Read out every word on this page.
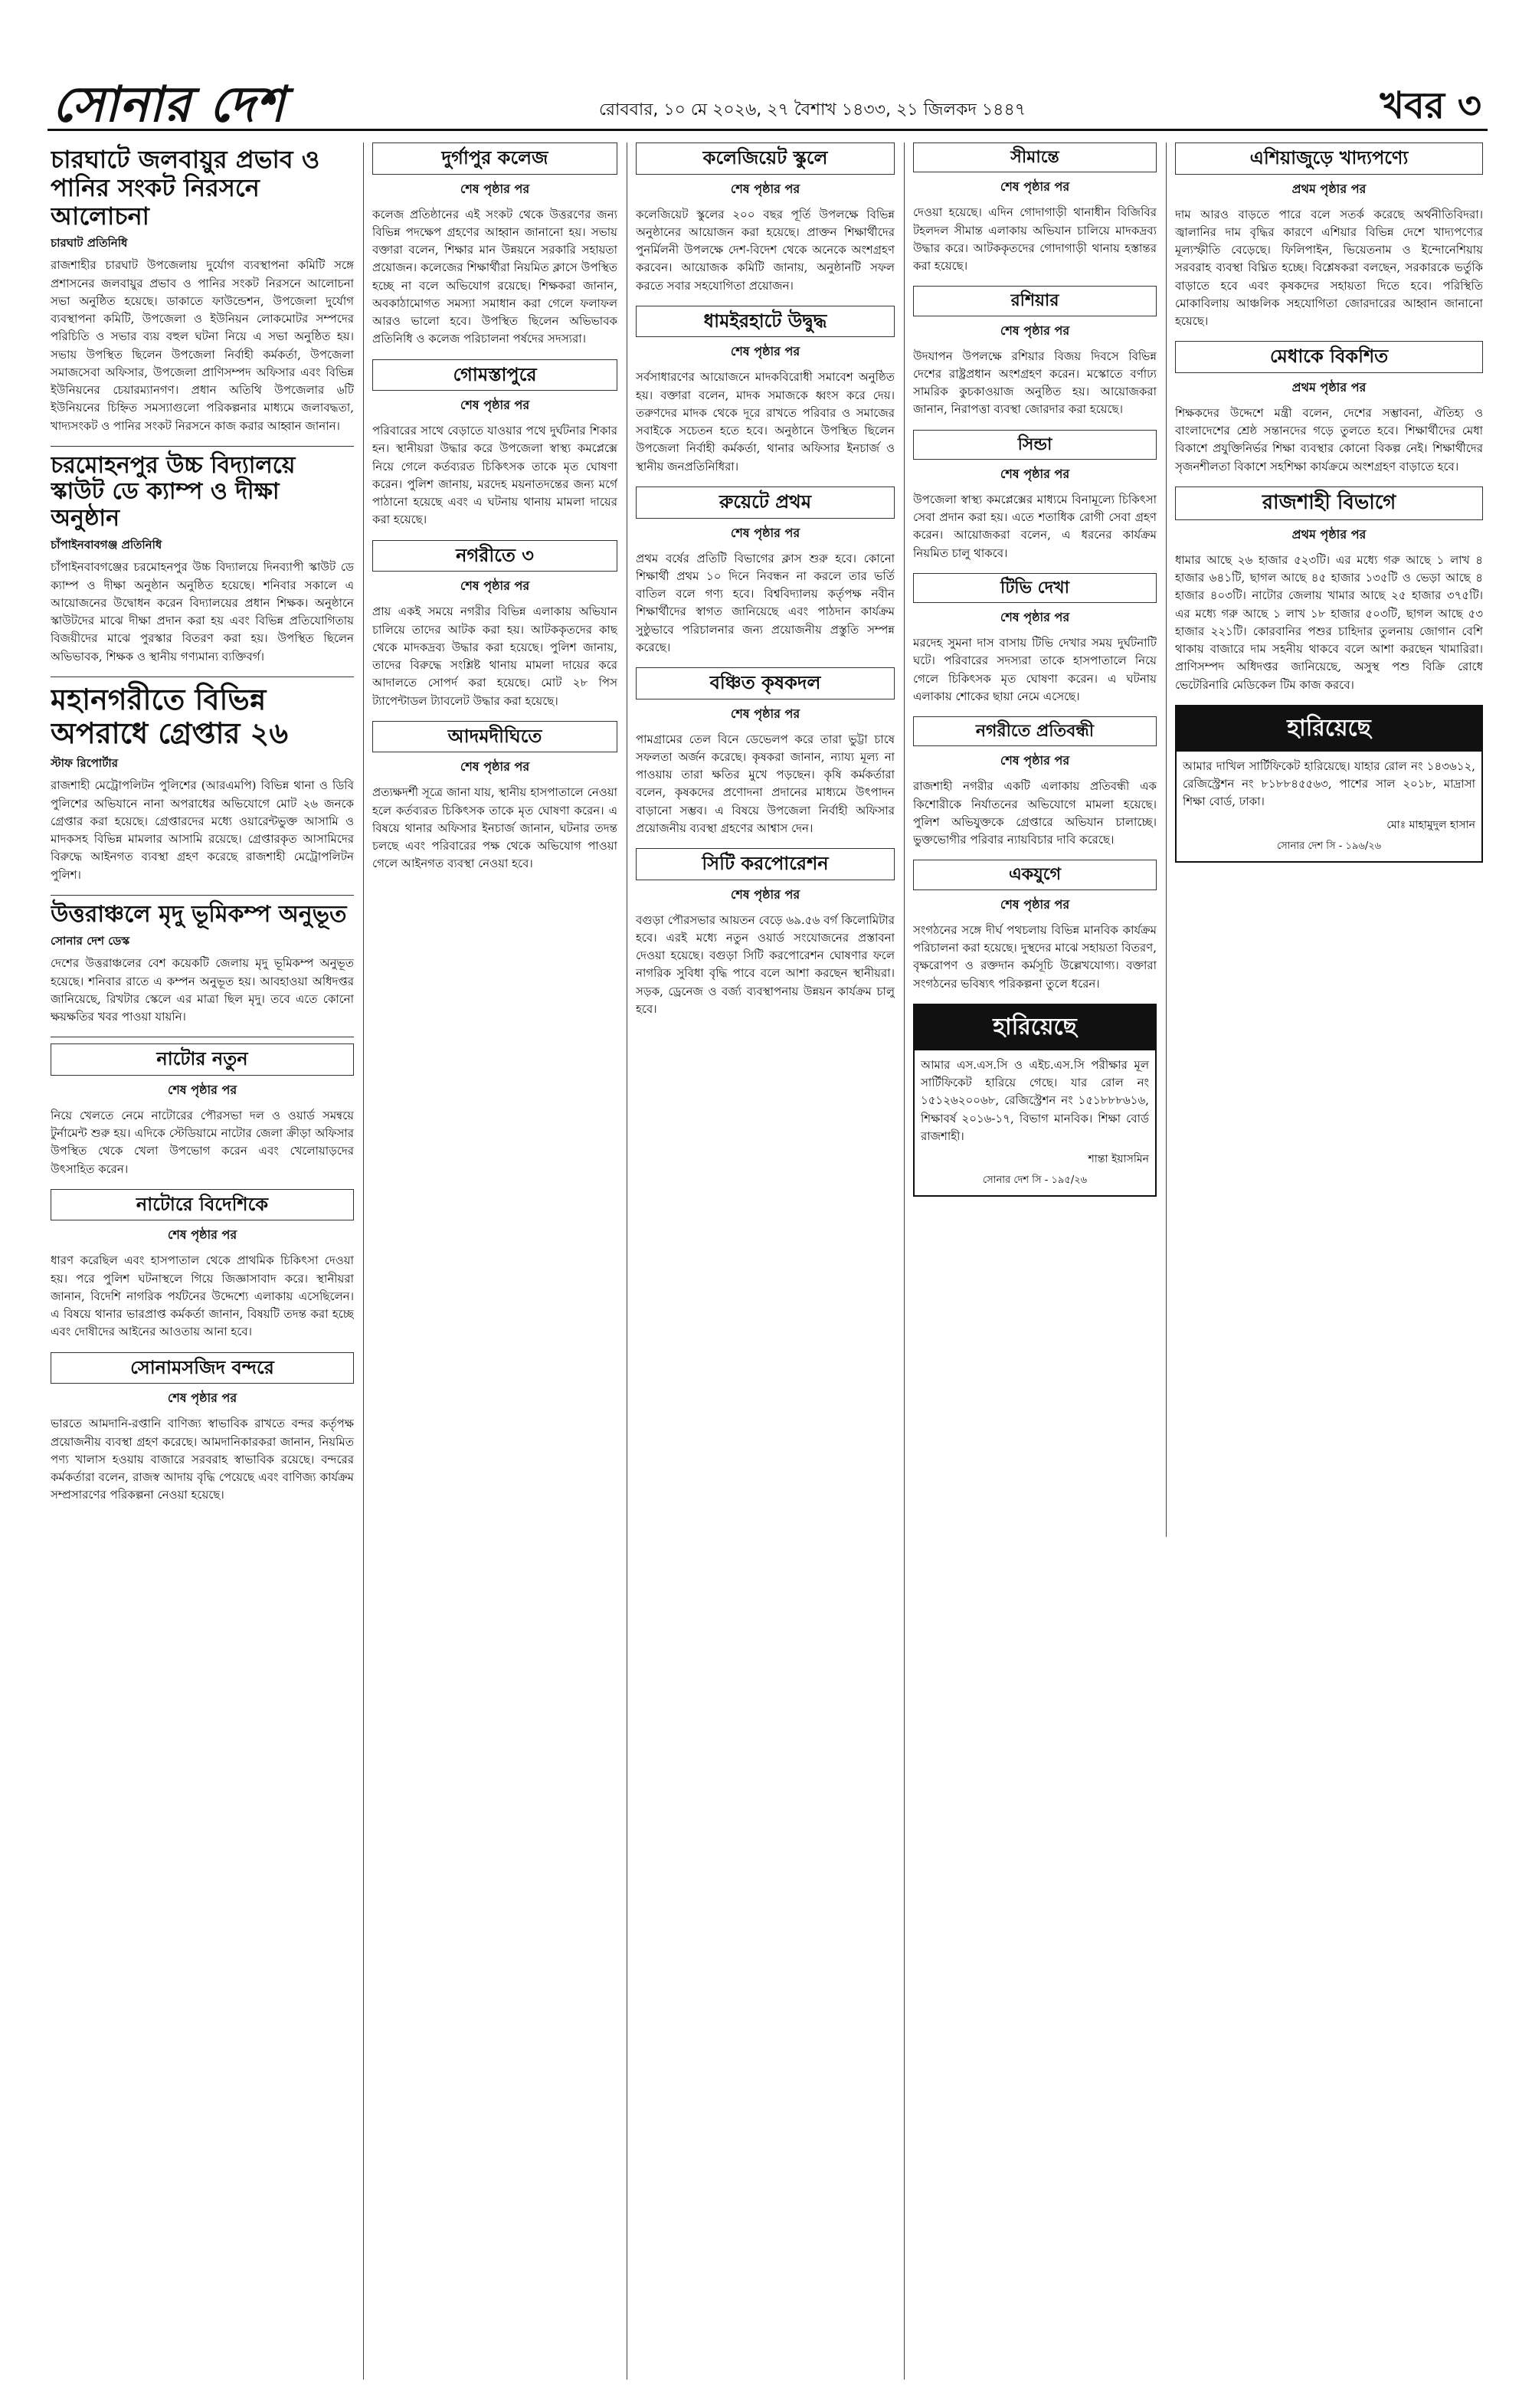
সোনার দেশ	রোববার, ১০ মে ২০২৬, ২৭ বৈশাখ ১৪৩৩, ২১ জিলকদ ১৪৪৭	খবর ৩
চারঘাটে জলবায়ুর প্রভাব ও পানির সংকট নিরসনে আলোচনা
চারঘাট প্রতিনিধি

রাজশাহীর চারঘাট উপজেলায় দুর্যোগ ব্যবস্থাপনা কমিটি সঙ্গে প্রশাসনের জলবায়ুর প্রভাব ও পানির সংকট নিরসনে আলোচনা সভা অনুষ্ঠিত হয়েছে। ডাকাতে ফাউন্ডেশন, উপজেলা দুর্যোগ ব্যবস্থাপনা কমিটি, উপজেলা ও ইউনিয়ন লোকমোটর সম্পদের পরিচিতি ও সভার ব্যয় বহুল ঘটনা নিয়ে এ সভা অনুষ্ঠিত হয়। সভায় উপস্থিত ছিলেন উপজেলা নির্বাহী কর্মকর্তা, উপজেলা সমাজসেবা অফিসার, উপজেলা প্রাণিসম্পদ অফিসার এবং বিভিন্ন ইউনিয়নের চেয়ারম্যানগণ। প্রধান অতিথি উপজেলার ৬টি ইউনিয়নের চিহ্নিত সমস্যাগুলো পরিকল্পনার মাধ্যমে জলাবদ্ধতা, খাদ্যসংকট ও পানির সংকট নিরসনে কাজ করার আহ্বান জানান।

চরমোহনপুর উচ্চ বিদ্যালয়ে স্কাউট ডে ক্যাম্প ও দীক্ষা অনুষ্ঠান
চাঁপাইনবাবগঞ্জ প্রতিনিধি

চাঁপাইনবাবগঞ্জের চরমোহনপুর উচ্চ বিদ্যালয়ে দিনব্যাপী স্কাউট ডে ক্যাম্প ও দীক্ষা অনুষ্ঠান অনুষ্ঠিত হয়েছে। শনিবার সকালে এ আয়োজনের উদ্বোধন করেন বিদ্যালয়ের প্রধান শিক্ষক। অনুষ্ঠানে স্কাউটদের মাঝে দীক্ষা প্রদান করা হয় এবং বিভিন্ন প্রতিযোগিতায় বিজয়ীদের মাঝে পুরস্কার বিতরণ করা হয়। উপস্থিত ছিলেন অভিভাবক, শিক্ষক ও স্থানীয় গণ্যমান্য ব্যক্তিবর্গ।

মহানগরীতে বিভিন্ন অপরাধে গ্রেপ্তার ২৬
স্টাফ রিপোর্টার

রাজশাহী মেট্রোপলিটন পুলিশের (আরএমপি) বিভিন্ন থানা ও ডিবি পুলিশের অভিযানে নানা অপরাধের অভিযোগে মোট ২৬ জনকে গ্রেপ্তার করা হয়েছে। গ্রেপ্তারদের মধ্যে ওয়ারেন্টভুক্ত আসামি ও মাদকসহ বিভিন্ন মামলার আসামি রয়েছে। গ্রেপ্তারকৃত আসামিদের বিরুদ্ধে আইনগত ব্যবস্থা গ্রহণ করেছে রাজশাহী মেট্রোপলিটন পুলিশ।

উত্তরাঞ্চলে মৃদু ভূমিকম্প অনুভূত
সোনার দেশ ডেস্ক

দেশের উত্তরাঞ্চলের বেশ কয়েকটি জেলায় মৃদু ভূমিকম্প অনুভূত হয়েছে। শনিবার রাতে এ কম্পন অনুভূত হয়। আবহাওয়া অধিদপ্তর জানিয়েছে, রিখটার স্কেলে এর মাত্রা ছিল মৃদু। তবে এতে কোনো ক্ষয়ক্ষতির খবর পাওয়া যায়নি।

নাটোর নতুন
শেষ পৃষ্ঠার পর

নিয়ে খেলতে নেমে নাটোরের পৌরসভা দল ও ওয়ার্ড সমন্বয়ে টুর্নামেন্ট শুরু হয়। এদিকে স্টেডিয়ামে নাটোর জেলা ক্রীড়া অফিসার উপস্থিত থেকে খেলা উপভোগ করেন এবং খেলোয়াড়দের উৎসাহিত করেন।

নাটোরে বিদেশিকে
শেষ পৃষ্ঠার পর

ধারণ করেছিল এবং হাসপাতাল থেকে প্রাথমিক চিকিৎসা দেওয়া হয়। পরে পুলিশ ঘটনাস্থলে গিয়ে জিজ্ঞাসাবাদ করে। স্থানীয়রা জানান, বিদেশি নাগরিক পর্যটনের উদ্দেশ্যে এলাকায় এসেছিলেন। এ বিষয়ে থানার ভারপ্রাপ্ত কর্মকর্তা জানান, বিষয়টি তদন্ত করা হচ্ছে এবং দোষীদের আইনের আওতায় আনা হবে।

সোনামসজিদ বন্দরে
শেষ পৃষ্ঠার পর

ভারতে আমদানি-রপ্তানি বাণিজ্য স্বাভাবিক রাখতে বন্দর কর্তৃপক্ষ প্রয়োজনীয় ব্যবস্থা গ্রহণ করেছে। আমদানিকারকরা জানান, নিয়মিত পণ্য খালাস হওয়ায় বাজারে সরবরাহ স্বাভাবিক রয়েছে। বন্দরের কর্মকর্তারা বলেন, রাজস্ব আদায় বৃদ্ধি পেয়েছে এবং বাণিজ্য কার্যক্রম সম্প্রসারণের পরিকল্পনা নেওয়া হয়েছে।

দুর্গাপুর কলেজ
শেষ পৃষ্ঠার পর

কলেজ প্রতিষ্ঠানের এই সংকট থেকে উত্তরণের জন্য বিভিন্ন পদক্ষেপ গ্রহণের আহ্বান জানানো হয়। সভায় বক্তারা বলেন, শিক্ষার মান উন্নয়নে সরকারি সহায়তা প্রয়োজন। কলেজের শিক্ষার্থীরা নিয়মিত ক্লাসে উপস্থিত হচ্ছে না বলে অভিযোগ রয়েছে। শিক্ষকরা জানান, অবকাঠামোগত সমস্যা সমাধান করা গেলে ফলাফল আরও ভালো হবে। উপস্থিত ছিলেন অভিভাবক প্রতিনিধি ও কলেজ পরিচালনা পর্ষদের সদস্যরা।

গোমস্তাপুরে
শেষ পৃষ্ঠার পর

পরিবারের সাথে বেড়াতে যাওয়ার পথে দুর্ঘটনার শিকার হন। স্থানীয়রা উদ্ধার করে উপজেলা স্বাস্থ্য কমপ্লেক্সে নিয়ে গেলে কর্তব্যরত চিকিৎসক তাকে মৃত ঘোষণা করেন। পুলিশ জানায়, মরদেহ ময়নাতদন্তের জন্য মর্গে পাঠানো হয়েছে এবং এ ঘটনায় থানায় মামলা দায়ের করা হয়েছে।

নগরীতে ৩
শেষ পৃষ্ঠার পর

প্রায় একই সময়ে নগরীর বিভিন্ন এলাকায় অভিযান চালিয়ে তাদের আটক করা হয়। আটককৃতদের কাছ থেকে মাদকদ্রব্য উদ্ধার করা হয়েছে। পুলিশ জানায়, তাদের বিরুদ্ধে সংশ্লিষ্ট থানায় মামলা দায়ের করে আদালতে সোপর্দ করা হয়েছে। মোট ২৮ পিস ট্যাপেন্টাডল ট্যাবলেট উদ্ধার করা হয়েছে।

আদমদীঘিতে
শেষ পৃষ্ঠার পর

প্রত্যক্ষদর্শী সূত্রে জানা যায়, স্থানীয় হাসপাতালে নেওয়া হলে কর্তব্যরত চিকিৎসক তাকে মৃত ঘোষণা করেন। এ বিষয়ে থানার অফিসার ইনচার্জ জানান, ঘটনার তদন্ত চলছে এবং পরিবারের পক্ষ থেকে অভিযোগ পাওয়া গেলে আইনগত ব্যবস্থা নেওয়া হবে।

কলেজিয়েট স্কুলে
শেষ পৃষ্ঠার পর

কলেজিয়েট স্কুলের ২০০ বছর পূর্তি উপলক্ষে বিভিন্ন অনুষ্ঠানের আয়োজন করা হয়েছে। প্রাক্তন শিক্ষার্থীদের পুনর্মিলনী উপলক্ষে দেশ-বিদেশ থেকে অনেকে অংশগ্রহণ করবেন। আয়োজক কমিটি জানায়, অনুষ্ঠানটি সফল করতে সবার সহযোগিতা প্রয়োজন।

ধামইরহাটে উদ্বুদ্ধ
শেষ পৃষ্ঠার পর

সর্বসাধারণের আয়োজনে মাদকবিরোধী সমাবেশ অনুষ্ঠিত হয়। বক্তারা বলেন, মাদক সমাজকে ধ্বংস করে দেয়। তরুণদের মাদক থেকে দূরে রাখতে পরিবার ও সমাজের সবাইকে সচেতন হতে হবে। অনুষ্ঠানে উপস্থিত ছিলেন উপজেলা নির্বাহী কর্মকর্তা, থানার অফিসার ইনচার্জ ও স্থানীয় জনপ্রতিনিধিরা।

রুয়েটে প্রথম
শেষ পৃষ্ঠার পর

প্রথম বর্ষের প্রতিটি বিভাগের ক্লাস শুরু হবে। কোনো শিক্ষার্থী প্রথম ১০ দিনে নিবন্ধন না করলে তার ভর্তি বাতিল বলে গণ্য হবে। বিশ্ববিদ্যালয় কর্তৃপক্ষ নবীন শিক্ষার্থীদের স্বাগত জানিয়েছে এবং পাঠদান কার্যক্রম সুষ্ঠুভাবে পরিচালনার জন্য প্রয়োজনীয় প্রস্তুতি সম্পন্ন করেছে।

বঞ্চিত কৃষকদল
শেষ পৃষ্ঠার পর

পামগ্রামের তেল বিনে ডেভেলপ করে তারা ভুট্টা চাষে সফলতা অর্জন করেছে। কৃষকরা জানান, ন্যায্য মূল্য না পাওয়ায় তারা ক্ষতির মুখে পড়ছেন। কৃষি কর্মকর্তারা বলেন, কৃষকদের প্রণোদনা প্রদানের মাধ্যমে উৎপাদন বাড়ানো সম্ভব। এ বিষয়ে উপজেলা নির্বাহী অফিসার প্রয়োজনীয় ব্যবস্থা গ্রহণের আশ্বাস দেন।

সিটি করপোরেশন
শেষ পৃষ্ঠার পর

বগুড়া পৌরসভার আয়তন বেড়ে ৬৯.৫৬ বর্গ কিলোমিটার হবে। এরই মধ্যে নতুন ওয়ার্ড সংযোজনের প্রস্তাবনা দেওয়া হয়েছে। বগুড়া সিটি করপোরেশন ঘোষণার ফলে নাগরিক সুবিধা বৃদ্ধি পাবে বলে আশা করছেন স্থানীয়রা। সড়ক, ড্রেনেজ ও বর্জ্য ব্যবস্থাপনায় উন্নয়ন কার্যক্রম চালু হবে।

সীমান্তে
শেষ পৃষ্ঠার পর

দেওয়া হয়েছে। এদিন গোদাগাড়ী থানাধীন বিজিবির টহলদল সীমান্ত এলাকায় অভিযান চালিয়ে মাদকদ্রব্য উদ্ধার করে। আটককৃতদের গোদাগাড়ী থানায় হস্তান্তর করা হয়েছে।

রশিয়ার
শেষ পৃষ্ঠার পর

উদযাপন উপলক্ষে রশিয়ার বিজয় দিবসে বিভিন্ন দেশের রাষ্ট্রপ্রধান অংশগ্রহণ করেন। মস্কোতে বর্ণাঢ্য সামরিক কুচকাওয়াজ অনুষ্ঠিত হয়। আয়োজকরা জানান, নিরাপত্তা ব্যবস্থা জোরদার করা হয়েছে।

সিন্ডা
শেষ পৃষ্ঠার পর

উপজেলা স্বাস্থ্য কমপ্লেক্সের মাধ্যমে বিনামূল্যে চিকিৎসা সেবা প্রদান করা হয়। এতে শতাধিক রোগী সেবা গ্রহণ করেন। আয়োজকরা বলেন, এ ধরনের কার্যক্রম নিয়মিত চালু থাকবে।

টিভি দেখা
শেষ পৃষ্ঠার পর

মরদেহ সুমনা দাস বাসায় টিভি দেখার সময় দুর্ঘটনাটি ঘটে। পরিবারের সদস্যরা তাকে হাসপাতালে নিয়ে গেলে চিকিৎসক মৃত ঘোষণা করেন। এ ঘটনায় এলাকায় শোকের ছায়া নেমে এসেছে।

নগরীতে প্রতিবন্ধী
শেষ পৃষ্ঠার পর

রাজশাহী নগরীর একটি এলাকায় প্রতিবন্ধী এক কিশোরীকে নির্যাতনের অভিযোগে মামলা হয়েছে। পুলিশ অভিযুক্তকে গ্রেপ্তারে অভিযান চালাচ্ছে। ভুক্তভোগীর পরিবার ন্যায়বিচার দাবি করেছে।

একযুগে
শেষ পৃষ্ঠার পর

সংগঠনের সঙ্গে দীর্ঘ পথচলায় বিভিন্ন মানবিক কার্যক্রম পরিচালনা করা হয়েছে। দুস্থদের মাঝে সহায়তা বিতরণ, বৃক্ষরোপণ ও রক্তদান কর্মসূচি উল্লেখযোগ্য। বক্তারা সংগঠনের ভবিষ্যৎ পরিকল্পনা তুলে ধরেন।

হারিয়েছে

আমার এস.এস.সি ও এইচ.এস.সি পরীক্ষার মূল সার্টিফিকেট হারিয়ে গেছে। যার রোল নং ১৫১২৬২০০৬৮, রেজিস্ট্রেশন নং ১৫১৮৮৮৬১৬, শিক্ষাবর্ষ ২০১৬-১৭, বিভাগ মানবিক। শিক্ষা বোর্ড রাজশাহী।

শান্তা ইয়াসমিন
সোনার দেশ সি - ১৯৫/২৬
এশিয়াজুড়ে খাদ্যপণ্যে
প্রথম পৃষ্ঠার পর

দাম আরও বাড়তে পারে বলে সতর্ক করেছে অর্থনীতিবিদরা। জ্বালানির দাম বৃদ্ধির কারণে এশিয়ার বিভিন্ন দেশে খাদ্যপণ্যের মূল্যস্ফীতি বেড়েছে। ফিলিপাইন, ভিয়েতনাম ও ইন্দোনেশিয়ায় সরবরাহ ব্যবস্থা বিঘ্নিত হচ্ছে। বিশ্লেষকরা বলছেন, সরকারকে ভর্তুকি বাড়াতে হবে এবং কৃষকদের সহায়তা দিতে হবে। পরিস্থিতি মোকাবিলায় আঞ্চলিক সহযোগিতা জোরদারের আহ্বান জানানো হয়েছে।

মেধাকে বিকশিত
প্রথম পৃষ্ঠার পর

শিক্ষকদের উদ্দেশে মন্ত্রী বলেন, দেশের সম্ভাবনা, ঐতিহ্য ও বাংলাদেশের শ্রেষ্ঠ সন্তানদের গড়ে তুলতে হবে। শিক্ষার্থীদের মেধা বিকাশে প্রযুক্তিনির্ভর শিক্ষা ব্যবস্থার কোনো বিকল্প নেই। শিক্ষার্থীদের সৃজনশীলতা বিকাশে সহশিক্ষা কার্যক্রমে অংশগ্রহণ বাড়াতে হবে।

রাজশাহী বিভাগে
প্রথম পৃষ্ঠার পর

ধামার আছে ২৬ হাজার ৫২৩টি। এর মধ্যে গরু আছে ১ লাখ ৪ হাজার ৬৪১টি, ছাগল আছে ৪৫ হাজার ১৩৫টি ও ভেড়া আছে ৪ হাজার ৪০৩টি। নাটোর জেলায় খামার আছে ২৫ হাজার ৩৭৫টি। এর মধ্যে গরু আছে ১ লাখ ১৮ হাজার ৫০৩টি, ছাগল আছে ৫৩ হাজার ২২১টি। কোরবানির পশুর চাহিদার তুলনায় জোগান বেশি থাকায় বাজারে দাম সহনীয় থাকবে বলে আশা করছেন খামারিরা। প্রাণিসম্পদ অধিদপ্তর জানিয়েছে, অসুস্থ পশু বিক্রি রোধে ভেটেরিনারি মেডিকেল টিম কাজ করবে।

হারিয়েছে

আমার দাখিল সার্টিফিকেট হারিয়েছে। যাহার রোল নং ১৪৩৬১২, রেজিস্ট্রেশন নং ৮১৮৮৪৫৫৬৩, পাশের সাল ২০১৮, মাদ্রাসা শিক্ষা বোর্ড, ঢাকা।

মোঃ মাহামুদুল হাসান
সোনার দেশ সি - ১৯৬/২৬
